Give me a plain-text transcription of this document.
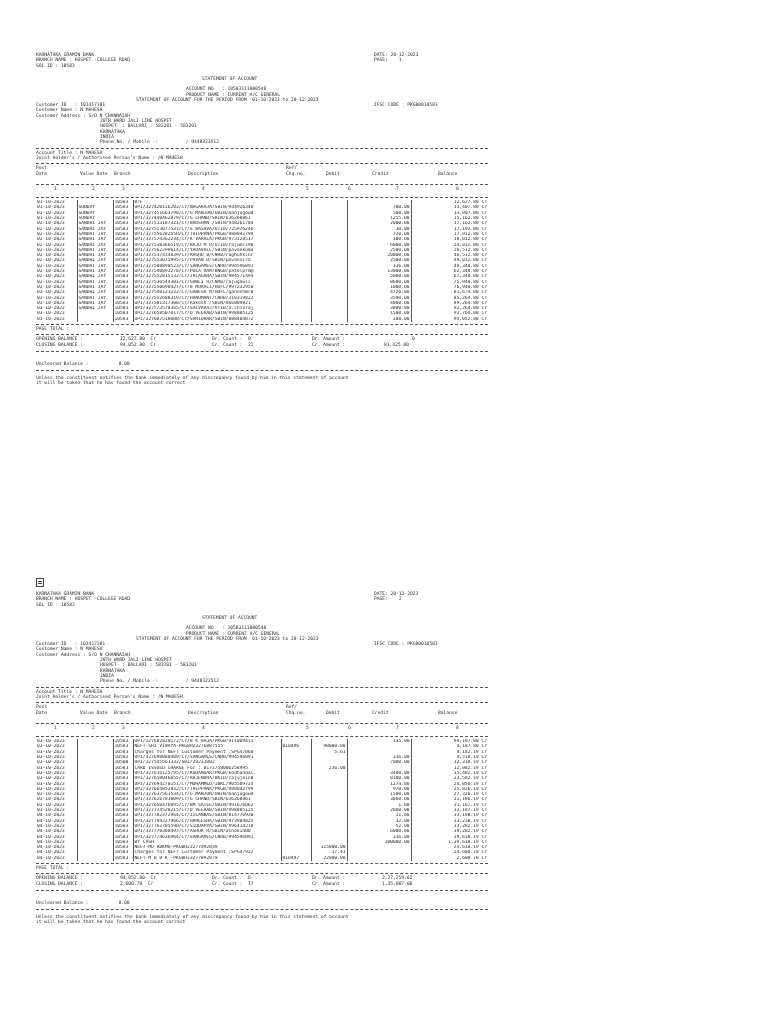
KARNATAKA GRAMIN BANK
BRANCH NAME : HOSPET -COLLEGE ROAD
SOL ID : 10583
DATE: 20-12-2023
PAGE:    1
STATEMENT OF ACCOUNT
ACCOUNT NO   : 10583111000548
PRODUCT NAME : CURRENT A/C GENERAL
STATEMENT OF ACCOUNT FOR THE PERIOD FROM  01-10-2023 to 20-12-2023
Customer ID   : 101417381	IFSC CODE : PKGB0010583
Customer Name : N MAHESH
Customer Address : S/O N CHANNAIAH
20TH WARD JALI LINE HOSPET
HOSPET  : BALLARI : 583201 - 583201
KARNATAKA
INDIA
Phone No. / Mobile -:          / 9448323512
Account Title : N MAHESH
Joint Holder's / Authorised Person's Name : /N MAHESH
Post
Date	Value Date Branch	Description
Ref/
Chq.no.	Debit	Credit	Balance
1	2	3	4	5	6	7	8
01-10-2023		10583	B/F				12,627.80 Cr
01-10-2023	SUNDAY	10583	UPI/327420116203/Cr/NAGARAJA/SBIN/944926340			780.00	13,407.80 Cr
01-10-2023	SUNDAY	10583	UPI/327451663798/Cr/G MANJUN/UBIN/manjugowd			500.00	13,907.80 Cr
01-10-2023	SUNDAY	10583	UPI/327440462879/Cr/G CHAND/SBIN/636260861			1255.00	15,162.80 Cr
02-10-2023	GANDHI JAY	10583	UPI/327513187321/Cr/BHUSHAN /SBIN/948261704			2000.00	17,162.80 Cr
02-10-2023	GANDHI JAY	10583	UPI/327523077531/Cr/S BASAVA/UTIB/72597624b			30.00	17,192.80 Cr
02-10-2023	GANDHI JAY	10583	UPI/327556282558/Cr/THIPPANA/PKGB/988042799			720.00	17,912.80 Cr
02-10-2023	GANDHI JAY	10583	UPI/327574362234/Cr/K VARALA/PKGB/973128517			100.00	18,012.80 Cr
02-10-2023	GANDHI JAY	10583	UPI/327538366519/Cr/RAJU M R/UTIB/rajumr198			6000.00	24,012.80 Cr
02-10-2023	GANDHI JAY	10583	UPI/327562299614/Cr/YADAVALL/SBIN/pavankuma			2500.00	26,512.80 Cr
02-10-2023	GANDHI JAY	10583	UPI/327537414839/Cr/RAGHU B/CNRB/raghuhklnr			20000.00	46,512.80 Cr
02-10-2023	GANDHI JAY	10583	UPI/327553075995/Cr/PAVAN D/SBIN/pavanvira			2500.00	49,012.80 Cr
02-10-2023	GANDHI JAY	10583	UPI/327508890523/Cr/SANGAMES/CNRB/994596091			336.00	49,348.80 Cr
02-10-2023	GANDHI JAY	10583	UPI/327540893278/Cr/POLA RAM/BNGB/patelprm@			13000.00	62,348.80 Cr
02-10-2023	GANDHI JAY	10583	UPI/327552815132/Cr/JALAGARA/SBIN/984571494			5000.00	67,348.80 Cr
02-10-2023	GANDHI JAY	10583	UPI/327536544301/Cr/GOWLI R/CNRB/rajugowli			8600.00	75,948.80 Cr
02-10-2023	GANDHI JAY	10583	UPI/327550698427/Cr/B MURALI/HDFC/997232950			1000.00	76,948.80 Cr
03-10-2023	GANDHI JAY	10583	UPI/327540131222/Cr/GANESH M/HDFC/ganeshmr0			4726.00	81,674.80 Cr
03-10-2023	GANDHI JAY	10583	UPI/327552688319/Cr/HANUMANT/CNRB/310319822			3590.00	85,264.80 Cr
03-10-2023	GANDHI JAY	10583	UPI/327581317308/Cr/Rakesh /SBIN/866089821			4000.00	89,264.80 Cr
03-10-2023	GANDHI JAY	10583	UPI/327573578365/Cr/SHIVARAJ/UTIB/a.shivraj			3000.00	92,264.80 Cr
03-10-2023		10583	UPI/327658507017/Cr/D VEERAB/SBIN/998085125			1500.00	93,764.80 Cr
03-10-2023		10583	UPI/327687518088/Cr/SHRIDHAR/SBIN/888404872			288.00	94,052.80 Cr
PAGE TOTAL :
OPENING BALANCE :	12,627.80  Cr	Dr. Count :  0	Dr. Amount :	0
CLOSING BALANCE :	94,052.80  Cr	Cr. Count :  22	Cr. Amount :	81,425.00
Uncleared Balance :	0.00
Unless the constituent notifies the bank immediately of any discrepancy found by him in this statement of account
it will be taken that he has found the account correct
KARNATAKA GRAMIN BANK
BRANCH NAME : HOSPET -COLLEGE ROAD
SOL ID : 10583
DATE: 20-12-2023
PAGE:    2
STATEMENT OF ACCOUNT
ACCOUNT NO   : 10583111000548
PRODUCT NAME : CURRENT A/C GENERAL
STATEMENT OF ACCOUNT FOR THE PERIOD FROM  01-10-2023 to 20-12-2023
Customer ID   : 101417381	IFSC CODE : PKGB0010583
Customer Name : N MAHESH
Customer Address : S/O N CHANNAIAH
20TH WARD JALI LINE HOSPET
HOSPET  : BALLARI : 583201 - 583201
KARNATAKA
INDIA
Phone No. / Mobile -:          / 9448323512
Account Title : N MAHESH
Joint Holder's / Authorised Person's Name : /N MAHESH
Post
Date	Value Date Branch	Description
Ref/
Chq.no.	Debit	Credit	Balance
1	2	3	4	5	6	7	8
03-10-2023		10583	UPI/327602820172/Cr/B K RAJA/PKGB/911069411			135.00	94,187.80 Cr
03-10-2023		10583	NEFT-SRI VINAYA-PKGBH23276887555	010496	90000.00		4,187.80 Cr
03-10-2023		10583	Charges for NEFT Customer Payment :SPG47860		5.61		4,182.19 Cr
03-10-2023		10583	UPI/327698080409/Cr/SANGAMES/CNRB/994596091			336.00	4,518.19 Cr
03-10-2023		10500	UPI/327545561332/SBI/20231002			7800.00	12,318.19 Cr
03-10-2023		10583	CARD ISSUED CHARGE For : 8172758006258995		236.00		12,082.19 Cr
03-10-2023		10583	UPI/327616125795/Cr/KODANDAR/PKGB/kodhandal			3400.00	15,482.19 Cr
03-10-2023		10583	UPI/327650046655/Cr/RAJENDRA/BKID/rajujain0			8100.00	23,582.19 Cr
03-10-2023		10583	UPI/327694270151/Cr/MOHAMMED/IBKL/905509724			1274.00	24,856.19 Cr
03-10-2023		10583	UPI/327664852832/Cr/THIPPANA/PKGB/988042799			970.00	25,826.19 Cr
03-10-2023		10583	UPI/327637561534/Cr/G MANJUN/UBIN/manjugowd			1500.00	27,326.19 Cr
03-10-2023		10583	UPI/327626781009/Cr/G CHAND/SBIN/636260861			3860.00	31,186.19 Cr
03-10-2023		10583	UPI/327650476095/Cr/BM SATEE/UBIN/991676062			1.00	31,187.19 Cr
03-10-2023		10583	UPI/327774528215/Cr/D VEERAB/SBIN/998085125			2000.00	33,187.19 Cr
04-10-2023		10583	UPI/327782372964/Cr/JILANBAS/SBIN/814776930			11.00	33,198.19 Cr
04-10-2023		10583	UPI/327794327966/Cr/HAREESHA/SBIN/973984825			32.00	33,230.19 Cr
04-10-2023		10583	UPI/327762705590/Cr/SIDDAPPA/SBIN/996414218			52.00	33,282.19 Cr
04-10-2023		10583	UPI/327770368497/Cr/ASHOK R/SBIN/ashok1400			6000.00	39,282.19 Cr
04-10-2023		10583	UPI/327774636964/Cr/SANGAMES/CNRB/994596091			336.00	39,618.19 Cr
04-10-2023		10583	BY CASH			100000.00	1,39,618.19 Cr
04-10-2023		10583	NEFT-MD RBKMU-PKGBH23277892839		115000.00		24,618.19 Cr
04-10-2023		10583	Charges for NEFT Customer Payment :SPG47922		17.41		24,600.78 Cr
04-10-2023		10583	NEFT-M B B K -PKGBH23277892879	010497	22000.00		2,600.78 Cr
PAGE TOTAL :
OPENING BALANCE :	94,052.80  Cr	Dr. Count :  6	Dr. Amount :	2,27,259.02
CLOSING BALANCE :	2,600.78  Cr	Cr. Count :  17	Cr. Amount :	1,35,807.00
Uncleared Balance :	0.00
Unless the constituent notifies the bank immediately of any discrepancy found by him in this statement of account
it will be taken that he has found the account correct
